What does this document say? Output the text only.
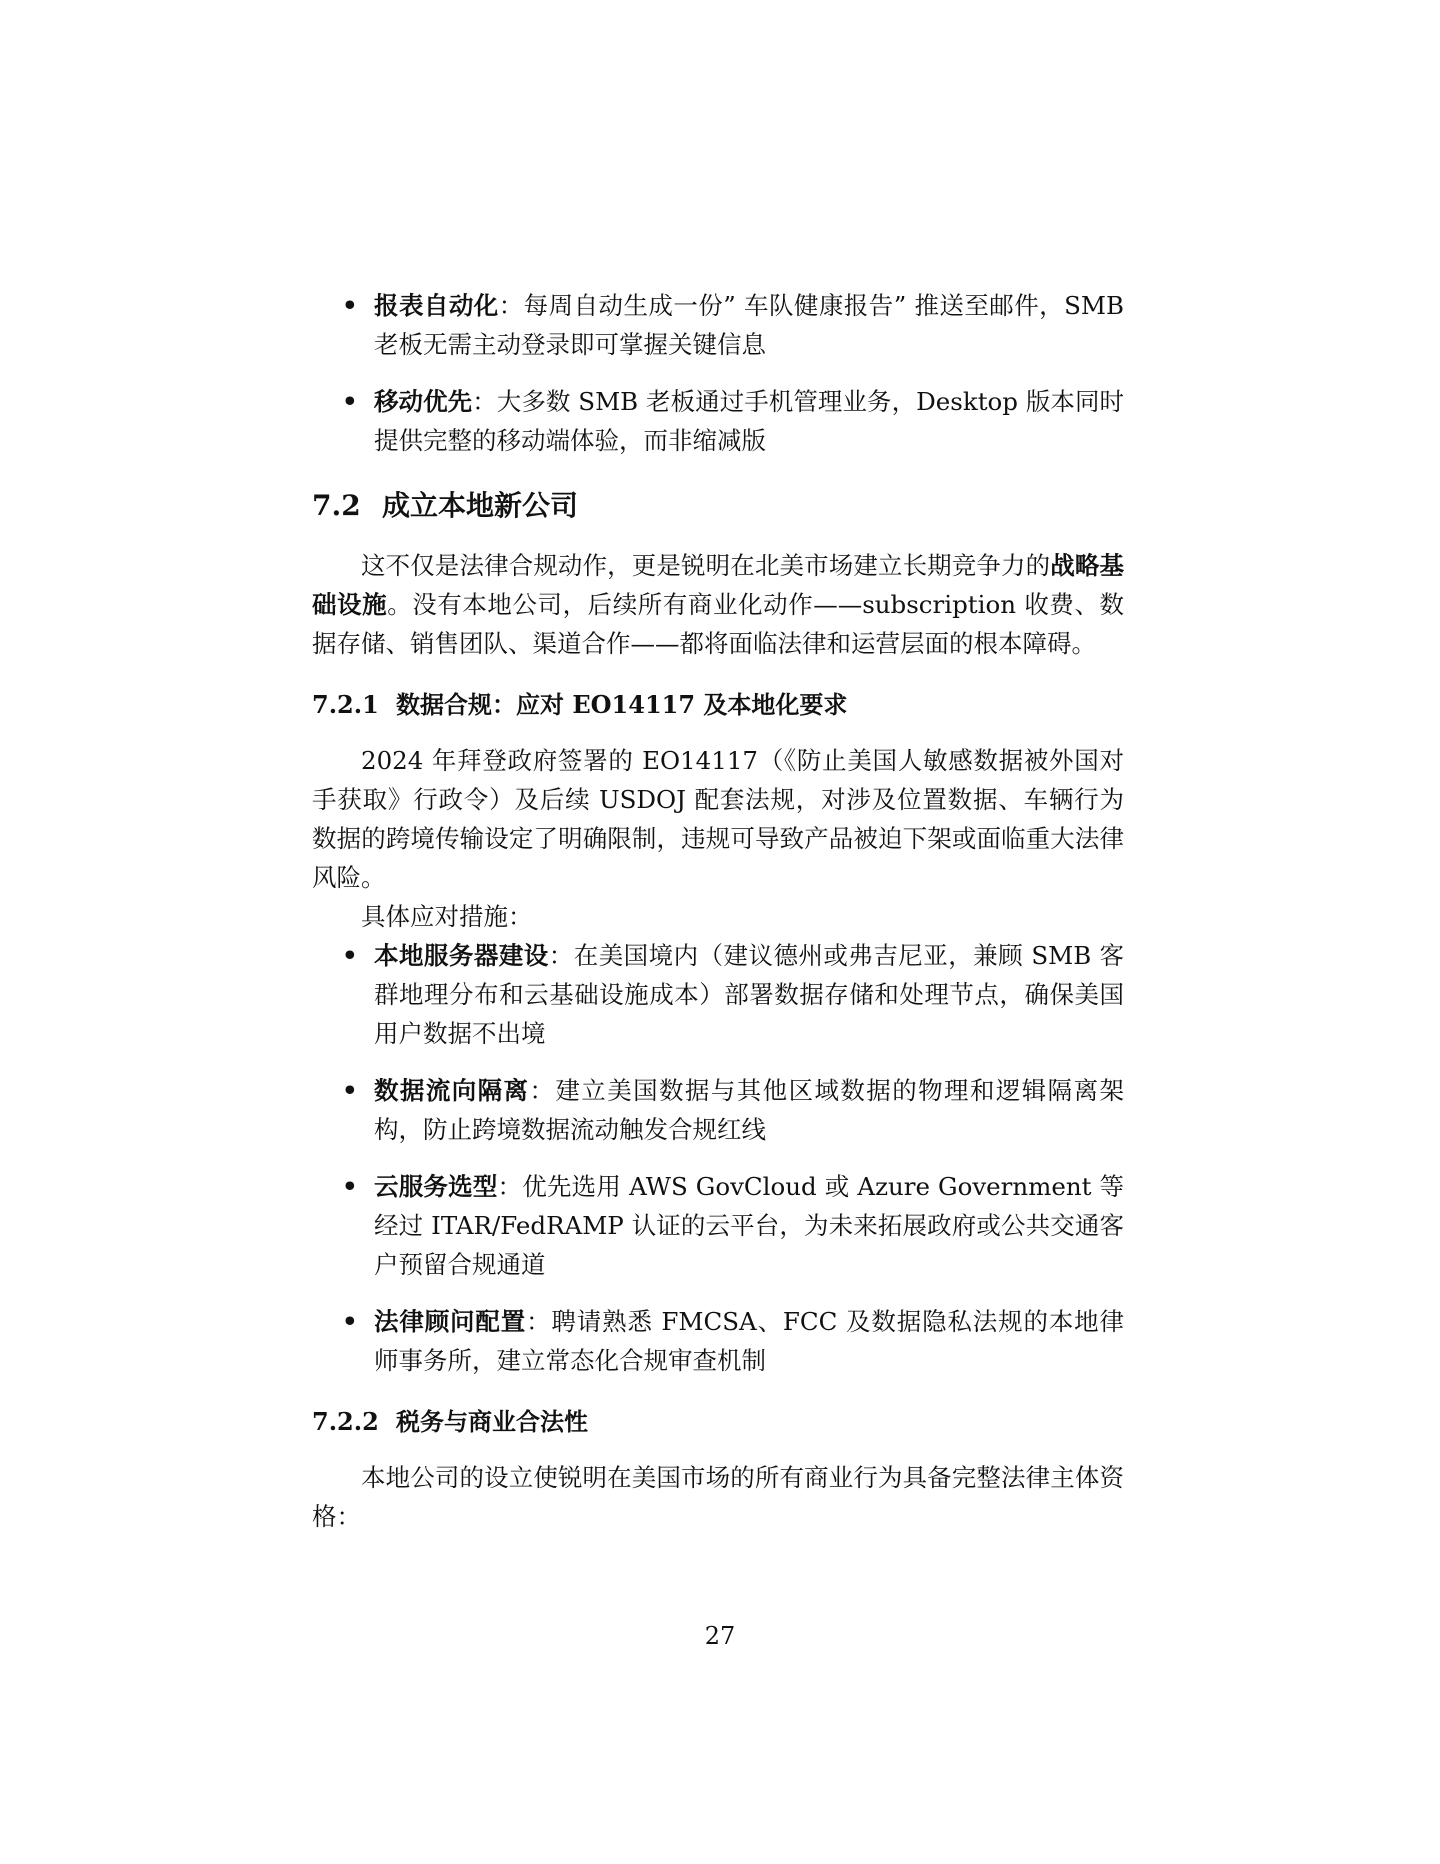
• 报表自动化：每周自动生成一份” 车队健康报告” 推送至邮件，SMB 老板无需主动登录即可掌握关键信息
• 移动优先：大多数 SMB 老板通过手机管理业务，Desktop 版本同时提供完整的移动端体验，而非缩减版
7.2 成立本地新公司

这不仅是法律合规动作，更是锐明在北美市场建立长期竞争力的战略基础设施。没有本地公司，后续所有商业化动作——subscription 收费、数据存储、销售团队、渠道合作——都将面临法律和运营层面的根本障碍。

7.2.1 数据合规：应对 EO14117 及本地化要求

2024 年拜登政府签署的 EO14117（《防止美国人敏感数据被外国对手获取》行政令）及后续 USDOJ 配套法规，对涉及位置数据、车辆行为数据的跨境传输设定了明确限制，违规可导致产品被迫下架或面临重大法律风险。

具体应对措施：

• 本地服务器建设：在美国境内（建议德州或弗吉尼亚，兼顾 SMB 客群地理分布和云基础设施成本）部署数据存储和处理节点，确保美国用户数据不出境
• 数据流向隔离：建立美国数据与其他区域数据的物理和逻辑隔离架构，防止跨境数据流动触发合规红线
• 云服务选型：优先选用 AWS GovCloud 或 Azure Government 等经过 ITAR/FedRAMP 认证的云平台，为未来拓展政府或公共交通客户预留合规通道
• 法律顾问配置：聘请熟悉 FMCSA、FCC 及数据隐私法规的本地律师事务所，建立常态化合规审查机制
7.2.2 税务与商业合法性

本地公司的设立使锐明在美国市场的所有商业行为具备完整法律主体资格：

27
